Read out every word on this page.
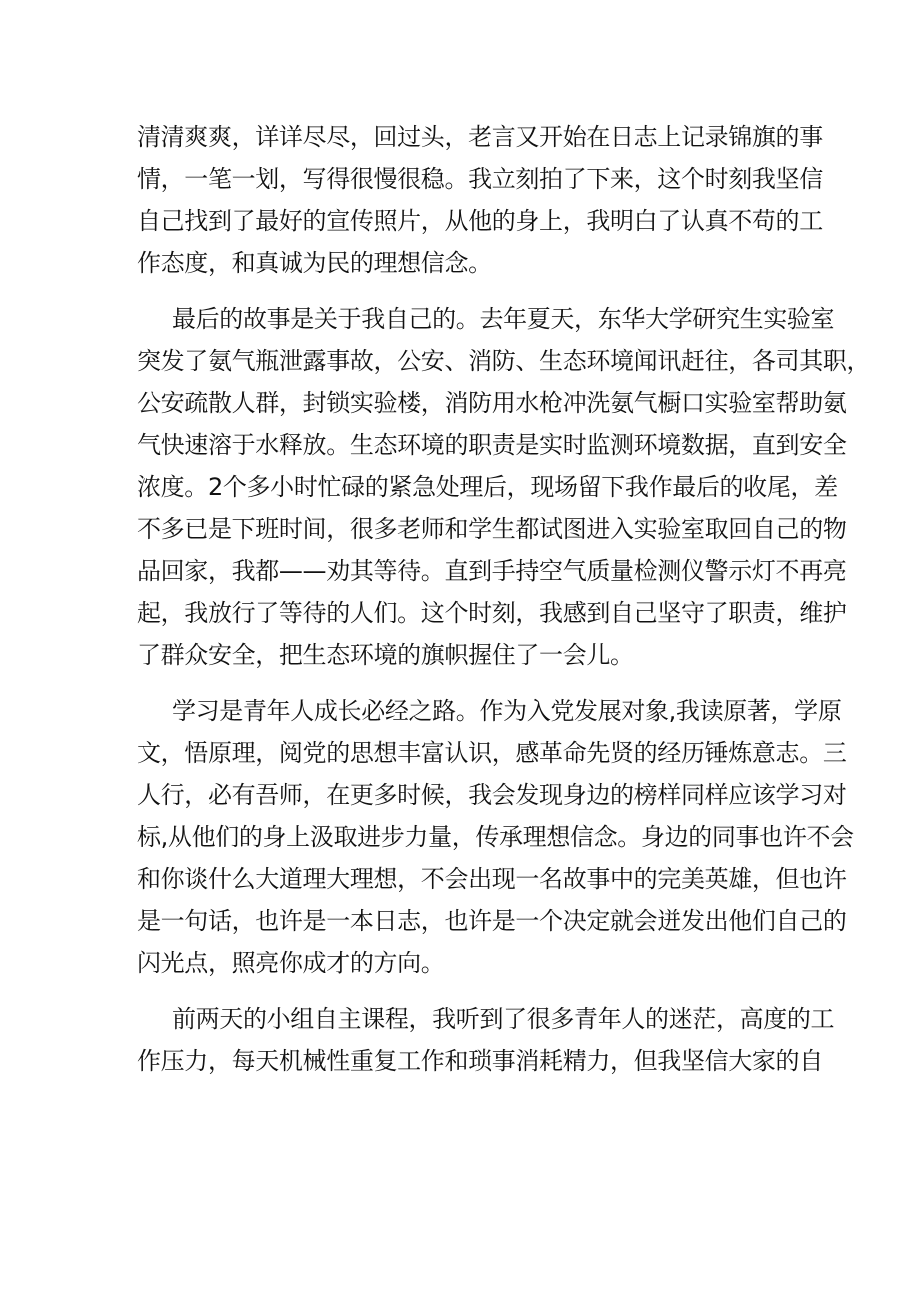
清清爽爽，详详尽尽，回过头，老言又开始在日志上记录锦旗的事
情，一笔一划，写得很慢很稳。我立刻拍了下来，这个时刻我坚信
自己找到了最好的宣传照片，从他的身上，我明白了认真不苟的工
作态度，和真诚为民的理想信念。
最后的故事是关于我自己的。去年夏天，东华大学研究生实验室
突发了氨气瓶泄露事故，公安、消防、生态环境闻讯赶往，各司其职，
公安疏散人群，封锁实验楼，消防用水枪冲洗氨气橱口实验室帮助氨
气快速溶于水释放。生态环境的职责是实时监测环境数据，直到安全
浓度。2个多小时忙碌的紧急处理后，现场留下我作最后的收尾，差
不多已是下班时间，很多老师和学生都试图进入实验室取回自己的物
品回家，我都——劝其等待。直到手持空气质量检测仪警示灯不再亮
起，我放行了等待的人们。这个时刻，我感到自己坚守了职责，维护
了群众安全，把生态环境的旗帜握住了一会儿。
学习是青年人成长必经之路。作为入党发展对象,我读原著，学原
文，悟原理，阅党的思想丰富认识，感革命先贤的经历锤炼意志。三
人行，必有吾师，在更多时候，我会发现身边的榜样同样应该学习对
标,从他们的身上汲取进步力量，传承理想信念。身边的同事也许不会
和你谈什么大道理大理想，不会出现一名故事中的完美英雄，但也许
是一句话，也许是一本日志，也许是一个决定就会迸发出他们自己的
闪光点，照亮你成才的方向。
前两天的小组自主课程，我听到了很多青年人的迷茫，高度的工
作压力，每天机械性重复工作和琐事消耗精力，但我坚信大家的自
